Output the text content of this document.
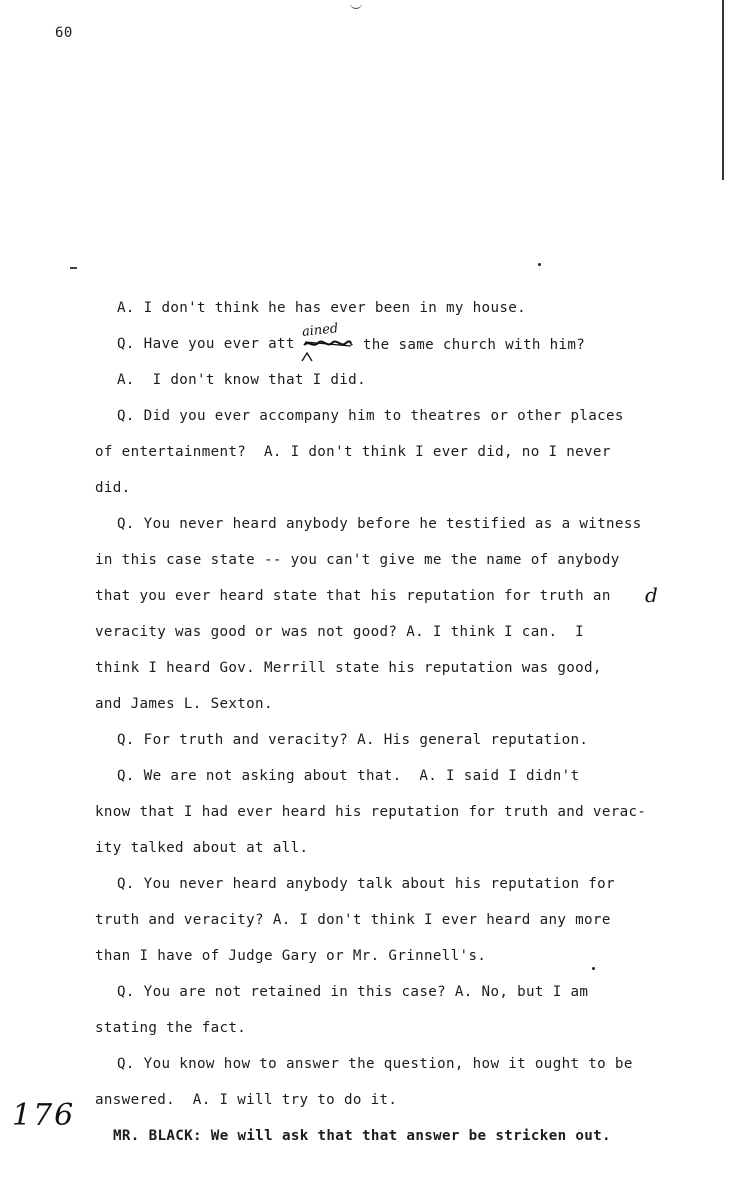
60
A. I don't think he has ever been in my house.
Q. Have you ever att	the same church with him?
ained
A.  I don't know that I did.
Q. Did you ever accompany him to theatres or other places
of entertainment?  A. I don't think I ever did, no I never
did.
Q. You never heard anybody before he testified as a witness
in this case state -- you can't give me the name of anybody
that you ever heard state that his reputation for truth an d
veracity was good or was not good? A. I think I can.  I
think I heard Gov. Merrill state his reputation was good,
and James L. Sexton.
Q. For truth and veracity? A. His general reputation.
Q. We are not asking about that.  A. I said I didn't
know that I had ever heard his reputation for truth and verac-
ity talked about at all.
Q. You never heard anybody talk about his reputation for
truth and veracity? A. I don't think I ever heard any more
than I have of Judge Gary or Mr. Grinnell's.
Q. You are not retained in this case? A. No, but I am
stating the fact.
Q. You know how to answer the question, how it ought to be
answered.  A. I will try to do it.
MR. BLACK: We will ask that that answer be stricken out.
176
